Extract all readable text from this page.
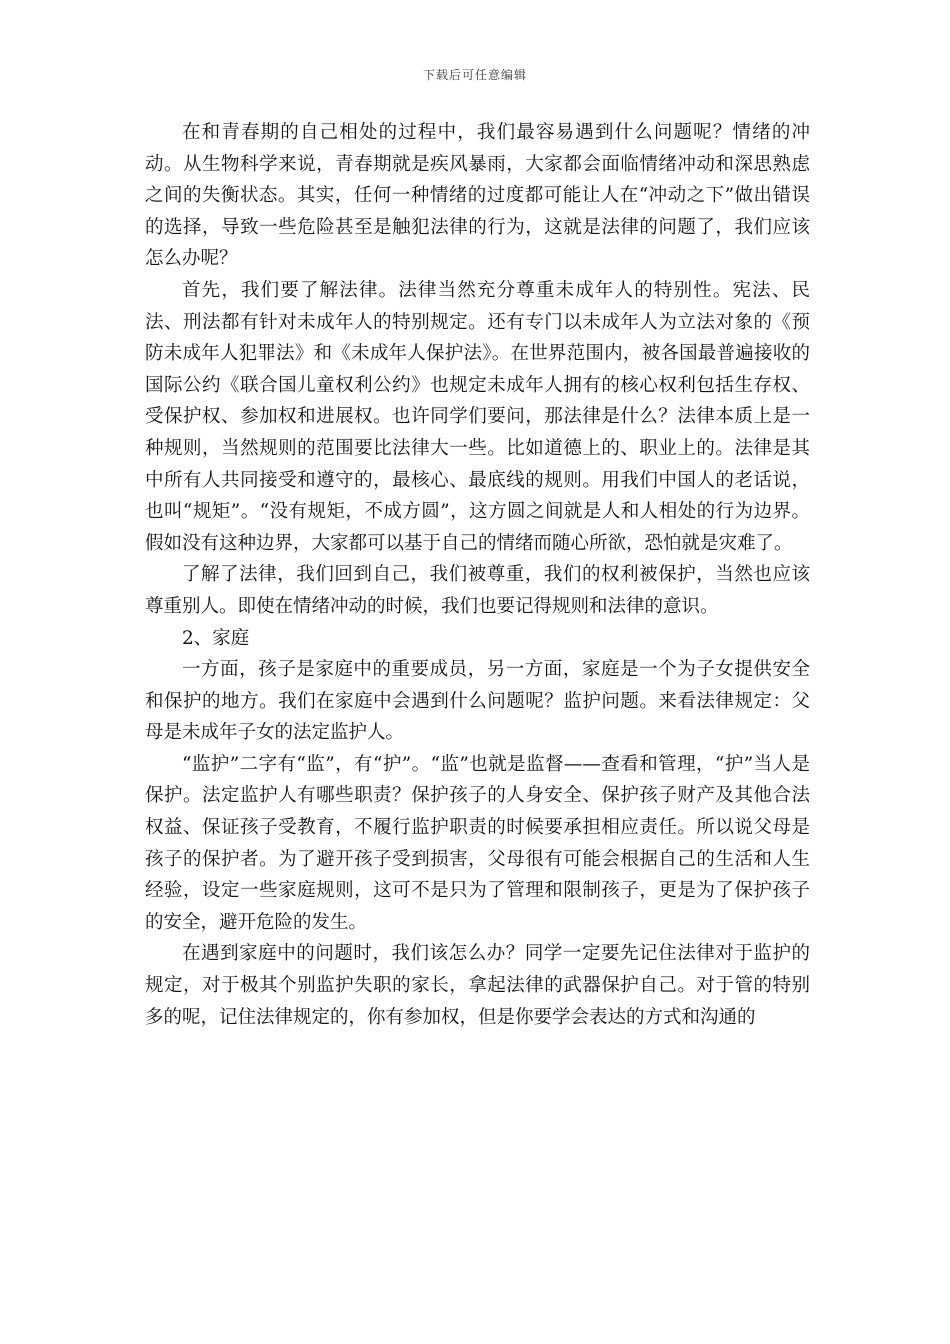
下载后可任意编辑

在和青春期的自己相处的过程中，我们最容易遇到什么问题呢？情绪的冲动。从生物科学来说，青春期就是疾风暴雨，大家都会面临情绪冲动和深思熟虑之间的失衡状态。其实，任何一种情绪的过度都可能让人在“冲动之下”做出错误的选择，导致一些危险甚至是触犯法律的行为，这就是法律的问题了，我们应该怎么办呢？

首先，我们要了解法律。法律当然充分尊重未成年人的特别性。宪法、民法、刑法都有针对未成年人的特别规定。还有专门以未成年人为立法对象的《预防未成年人犯罪法》和《未成年人保护法》。在世界范围内，被各国最普遍接收的国际公约《联合国儿童权利公约》也规定未成年人拥有的核心权利包括生存权、受保护权、参加权和进展权。也许同学们要问，那法律是什么？法律本质上是一种规则，当然规则的范围要比法律大一些。比如道德上的、职业上的。法律是其中所有人共同接受和遵守的，最核心、最底线的规则。用我们中国人的老话说，也叫“规矩”。“没有规矩，不成方圆”，这方圆之间就是人和人相处的行为边界。假如没有这种边界，大家都可以基于自己的情绪而随心所欲，恐怕就是灾难了。

了解了法律，我们回到自己，我们被尊重，我们的权利被保护，当然也应该尊重别人。即使在情绪冲动的时候，我们也要记得规则和法律的意识。

2、家庭

一方面，孩子是家庭中的重要成员，另一方面，家庭是一个为子女提供安全和保护的地方。我们在家庭中会遇到什么问题呢？监护问题。来看法律规定：父母是未成年子女的法定监护人。

“监护”二字有“监”，有“护”。“监”也就是监督——查看和管理，“护”当人是保护。法定监护人有哪些职责？保护孩子的人身安全、保护孩子财产及其他合法权益、保证孩子受教育，不履行监护职责的时候要承担相应责任。所以说父母是孩子的保护者。为了避开孩子受到损害，父母很有可能会根据自己的生活和人生经验，设定一些家庭规则，这可不是只为了管理和限制孩子，更是为了保护孩子的安全，避开危险的发生。

在遇到家庭中的问题时，我们该怎么办？同学一定要先记住法律对于监护的规定，对于极其个别监护失职的家长，拿起法律的武器保护自己。对于管的特别多的呢，记住法律规定的，你有参加权，但是你要学会表达的方式和沟通的
